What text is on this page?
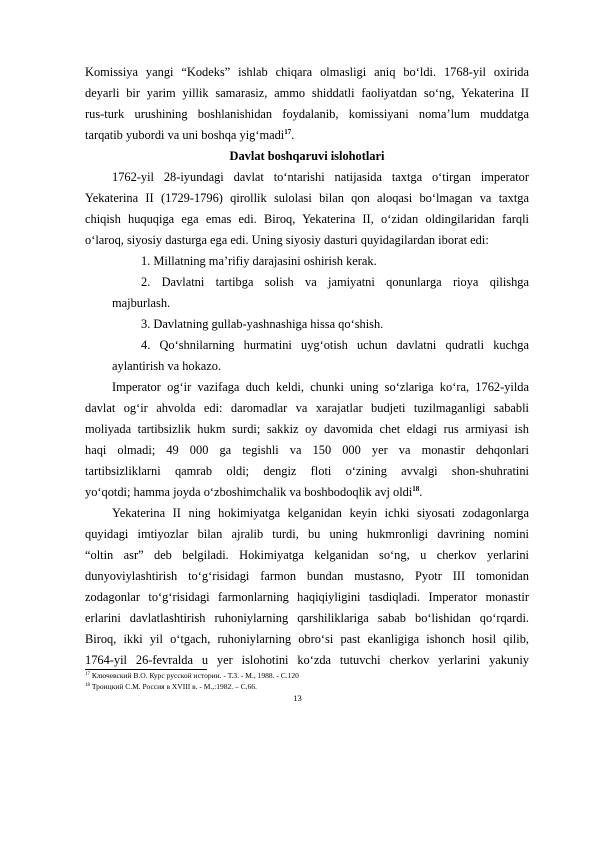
Komissiya yangi “Kodeks” ishlab chiqara olmasligi aniq bo‘ldi. 1768-yil oxirida
deyarli bir yarim yillik samarasiz, ammo shiddatli faoliyatdan so‘ng, Yekaterina II
rus-turk urushining boshlanishidan foydalanib, komissiyani noma’lum muddatga
tarqatib yubordi va uni boshqa yig‘madi$^{17}$.
Davlat boshqaruvi islohotlari
1762-yil 28-iyundagi davlat to‘ntarishi natijasida taxtga o‘tirgan imperator
Yekaterina II (1729-1796) qirollik sulolasi bilan qon aloqasi bo‘lmagan va taxtga
chiqish huquqiga ega emas edi. Biroq, Yekaterina II, o‘zidan oldingilaridan farqli
o‘laroq, siyosiy dasturga ega edi. Uning siyosiy dasturi quyidagilardan iborat edi:
1. Millatning ma’rifiy darajasini oshirish kerak.
2. Davlatni tartibga solish va jamiyatni qonunlarga rioya qilishga
majburlash.
3. Davlatning gullab-yashnashiga hissa qo‘shish.
4. Qo‘shnilarning hurmatini uyg‘otish uchun davlatni qudratli kuchga
aylantirish va hokazo.
Imperator og‘ir vazifaga duch keldi, chunki uning so‘zlariga ko‘ra, 1762-yilda
davlat og‘ir ahvolda edi: daromadlar va xarajatlar budjeti tuzilmaganligi sababli
moliyada tartibsizlik hukm surdi; sakkiz oy davomida chet eldagi rus armiyasi ish
haqi olmadi; 49 000 ga tegishli va 150 000 yer va monastir dehqonlari
tartibsizliklarni qamrab oldi; dengiz floti o‘zining avvalgi shon-shuhratini
yo‘qotdi; hamma joyda o‘zboshimchalik va boshbodoqlik avj oldi$^{18}$.
Yekaterina II ning hokimiyatga kelganidan keyin ichki siyosati zodagonlarga
quyidagi imtiyozlar bilan ajralib turdi, bu uning hukmronligi davrining nomini
“oltin asr” deb belgiladi. Hokimiyatga kelganidan so‘ng, u cherkov yerlarini
dunyoviylashtirish to‘g‘risidagi farmon bundan mustasno, Pyotr III tomonidan
zodagonlar to‘g‘risidagi farmonlarning haqiqiyligini tasdiqladi. Imperator monastir
erlarini davlatlashtirish ruhoniylarning qarshiliklariga sabab bo‘lishidan qo‘rqardi.
Biroq, ikki yil o‘tgach, ruhoniylarning obro‘si past ekanligiga ishonch hosil qilib,
1764-yil 26-fevralda u yer islohotini ko‘zda tutuvchi cherkov yerlarini yakuniy
$^{17}$ Ключевский В.О. Курс русской истории. - Т.3. - М., 1988. - С.120
$^{18}$ Троицкий С.М. Россия в XVIII в. - М.,:1982. – С.66.
13
